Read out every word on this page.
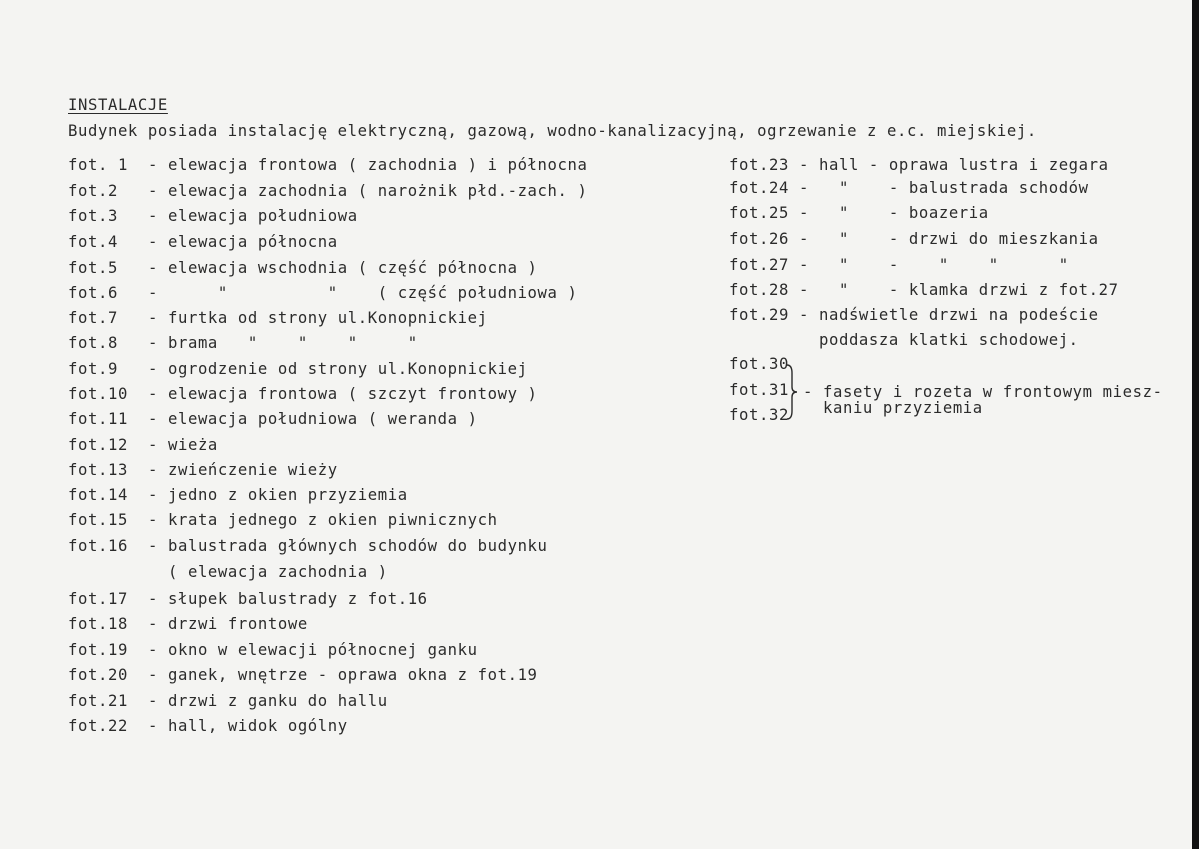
INSTALACJE
Budynek posiada instalację elektryczną, gazową, wodno-kanalizacyjną, ogrzewanie z e.c. miejskiej.
fot. 1 - elewacja frontowa ( zachodnia ) i północna
fot.2 - elewacja zachodnia ( narożnik płd.-zach. )
fot.3 - elewacja południowa
fot.4 - elewacja północna
fot.5 - elewacja wschodnia ( część północna )
fot.6 -      "          "    ( część południowa )
fot.7 - furtka od strony ul.Konopnickiej
fot.8 - brama   "    "    "     "
fot.9 - ogrodzenie od strony ul.Konopnickiej
fot.10 - elewacja frontowa ( szczyt frontowy )
fot.11 - elewacja południowa ( weranda )
fot.12 - wieża
fot.13 - zwieńczenie wieży
fot.14 - jedno z okien przyziemia
fot.15 - krata jednego z okien piwnicznych
fot.16 - balustrada głównych schodów do budynku
( elewacja zachodnia )
fot.17 - słupek balustrady z fot.16
fot.18 - drzwi frontowe
fot.19 - okno w elewacji północnej ganku
fot.20 - ganek, wnętrze - oprawa okna z fot.19
fot.21 - drzwi z ganku do hallu
fot.22 - hall, widok ogólny
fot.23 - hall - oprawa lustra i zegara
fot.24 -   "    - balustrada schodów
fot.25 -   "    - boazeria
fot.26 -   "    - drzwi do mieszkania
fot.27 -   "    -    "    "      "
fot.28 -   "    - klamka drzwi z fot.27
fot.29 - nadświetle drzwi na podeście
poddasza klatki schodowej.
fot.30
fot.31
fot.32
- fasety i rozeta w frontowym miesz-
kaniu przyziemia
